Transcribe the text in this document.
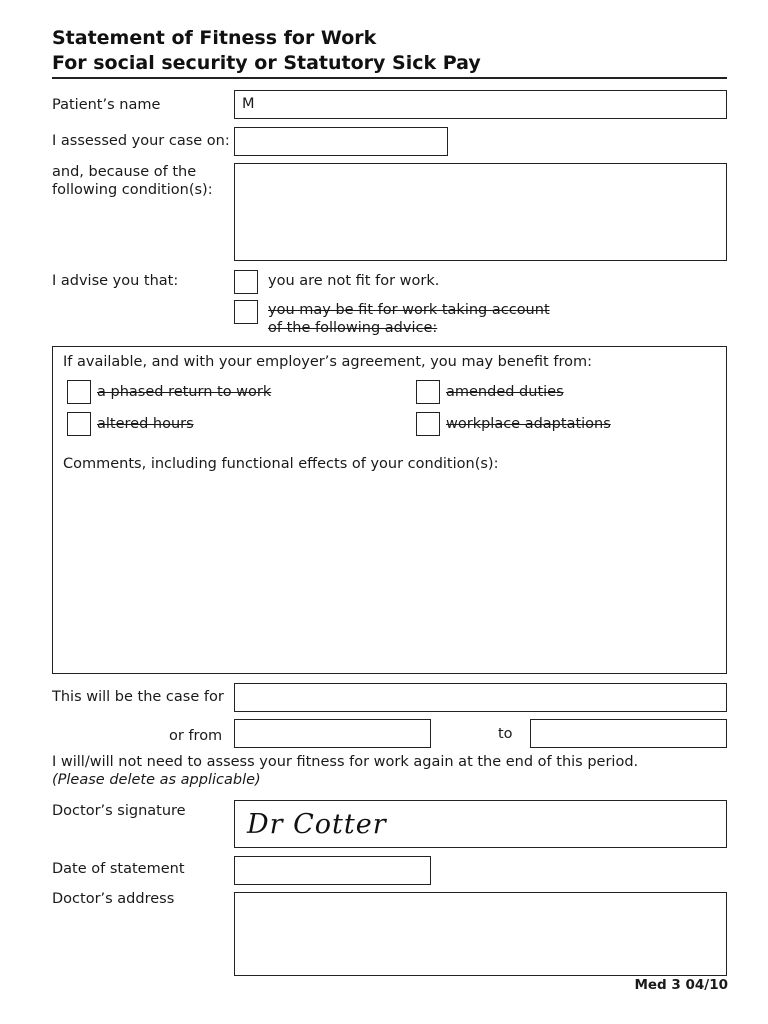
Statement of Fitness for Work
For social security or Statutory Sick Pay
Patient’s name	M
I assessed your case on:
and, because of the
following condition(s):
I advise you that:	you are not fit for work.
you may be fit for work taking account
of the following advice:
If available, and with your employer’s agreement, you may benefit from:
a phased return to work	amended duties
altered hours	workplace adaptations
Comments, including functional effects of your condition(s):
This will be the case for
or from	to
I will/will not need to assess your fitness for work again at the end of this period.
(Please delete as applicable)
Doctor’s signature Dr Cotter
Date of statement
Doctor’s address
Med 3 04/10
